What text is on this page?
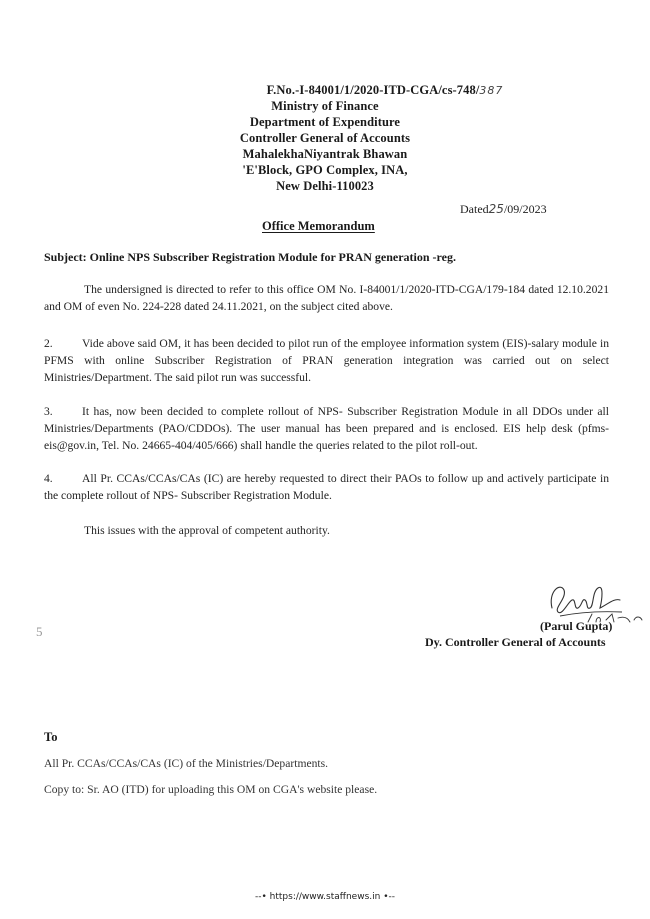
F.No.-I-84001/1/2020-ITD-CGA/cs-748/387
Ministry of Finance
Department of Expenditure
Controller General of Accounts
MahalekhaNiyantrak Bhawan
'E'Block, GPO Complex, INA,
New Delhi-110023
Dated25/09/2023
Office Memorandum
Subject: Online NPS Subscriber Registration Module for PRAN generation -reg.
The undersigned is directed to refer to this office OM No. I-84001/1/2020-ITD-CGA/179-184 dated 12.10.2021 and OM of even No. 224-228 dated 24.11.2021, on the subject cited above.
2.	Vide above said OM, it has been decided to pilot run of the employee information system (EIS)-salary module in PFMS with online Subscriber Registration of PRAN generation integration was carried out on select Ministries/Department. The said pilot run was successful.
3.	It has, now been decided to complete rollout of NPS- Subscriber Registration Module in all DDOs under all Ministries/Departments (PAO/CDDOs). The user manual has been prepared and is enclosed. EIS help desk (pfms-eis@gov.in, Tel. No. 24665-404/405/666) shall handle the queries related to the pilot roll-out.
4.	All Pr. CCAs/CCAs/CAs (IC) are hereby requested to direct their PAOs to follow up and actively participate in the complete rollout of NPS- Subscriber Registration Module.
This issues with the approval of competent authority.
(Parul Gupta)
Dy. Controller General of Accounts
5
To
All Pr. CCAs/CCAs/CAs (IC) of the Ministries/Departments.
Copy to: Sr. AO (ITD) for uploading this OM on CGA's website please.
--• https://www.staffnews.in •--
